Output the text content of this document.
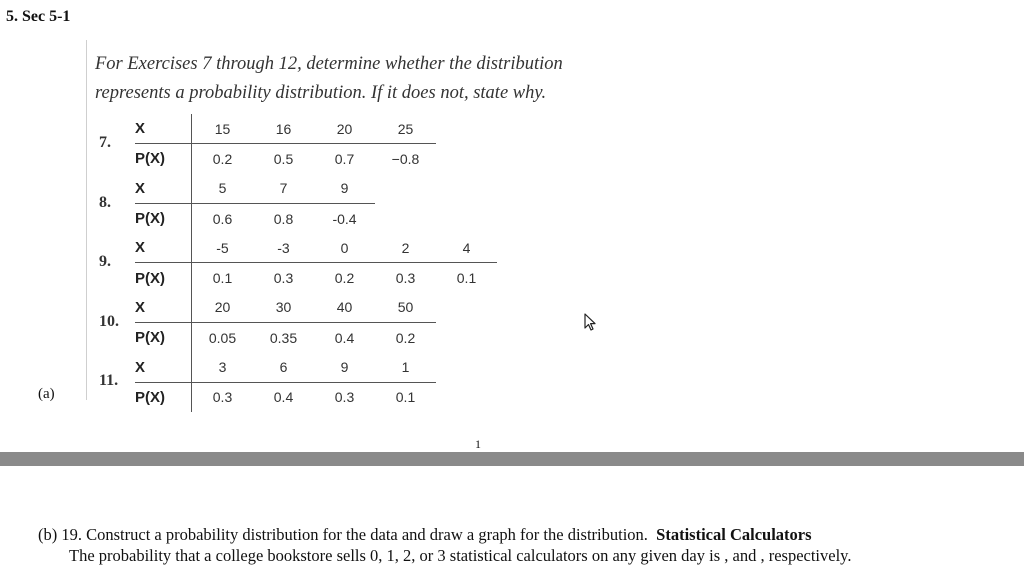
5. Sec 5-1
For Exercises 7 through 12, determine whether the distribution represents a probability distribution. If it does not, state why.
7.	X	15	16	20	25	
	P(X)	0.2	0.5	0.7	−0.8	

8.	X	5	7	9		
	P(X)	0.6	0.8	-0.4		

9.	X	-5	-3	0	2	4
	P(X)	0.1	0.3	0.2	0.3	0.1

10.	X	20	30	40	50	
	P(X)	0.05	0.35	0.4	0.2	

11.	X	3	6	9	1	
	P(X)	0.3	0.4	0.3	0.1	
(a)
1
(b) 19. Construct a probability distribution for the data and draw a graph for the distribution. Statistical Calculators
The probability that a college bookstore sells 0, 1, 2, or 3 statistical calculators on any given day is , and , respectively.
